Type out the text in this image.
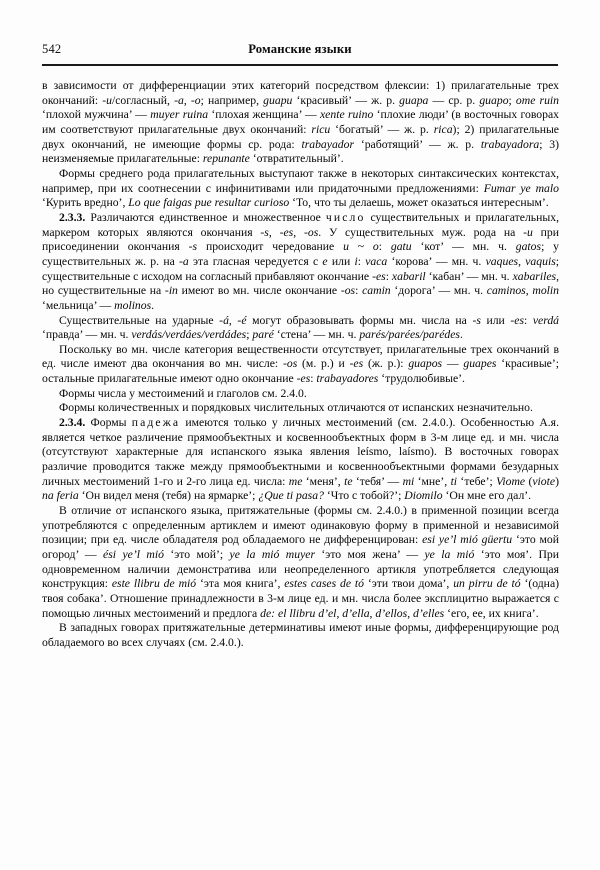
542	Романские языки

в зависимости от дифференциации этих категорий посредством флексии: 1) прилагательные трех окончаний: -u/согласный, -a, -o; например, guapu ‘красивый’ — ж. р. guapa — ср. р. guapo; ome ruin ‘плохой мужчина’ — muyer ruina ‘плохая женщина’ — xente ruino ‘плохие люди’ (в восточных говорах им соответствуют прилагательные двух окончаний: ricu ‘богатый’ — ж. р. rica); 2) прилагательные двух окончаний, не имеющие формы ср. рода: trabayador ‘работящий’ — ж. р. trabayadora; 3) неизменяемые прилагательные: repunante ‘отвратительный’.

Формы среднего рода прилагательных выступают также в некоторых синтаксических контекстах, например, при их соотнесении с инфинитивами или придаточными предложениями: Fumar ye malo ‘Курить вредно’, Lo que faigas pue resultar curioso ‘То, что ты делаешь, может оказаться интересным’.

2.3.3. Различаются единственное и множественное число существительных и прилагательных, маркером которых являются окончания -s, -es, -os. У существительных муж. рода на -u при присоединении окончания -s происходит чередование u ~ o: gatu ‘кот’ — мн. ч. gatos; у существительных ж. р. на -a эта гласная чередуется с e или i: vaca ‘корова’ — мн. ч. vaques, vaquis; существительные с исходом на согласный прибавляют окончание -es: xabaril ‘кабан’ — мн. ч. xabariles, но существительные на -in имеют во мн. числе окончание -os: camin ‘дорога’ — мн. ч. caminos, molin ‘мельница’ — molinos.

Существительные на ударные -á, -é могут образовывать формы мн. числа на -s или -es: verdá ‘правда’ — мн. ч. verdás/verdáes/verdádes; paré ‘стена’ — мн. ч. parés/parées/parédes.

Поскольку во мн. числе категория вещественности отсутствует, прилагательные трех окончаний в ед. числе имеют два окончания во мн. числе: -os (м. р.) и -es (ж. р.): guapos — guapes ‘красивые’; остальные прилагательные имеют одно окончание -es: trabayadores ‘трудолюбивые’.

Формы числа у местоимений и глаголов см. 2.4.0.

Формы количественных и порядковых числительных отличаются от испанских незначительно.

2.3.4. Формы падежа имеются только у личных местоимений (см. 2.4.0.). Особенностью А.я. является четкое различение прямообъектных и косвеннообъектных форм в 3-м лице ед. и мн. числа (отсутствуют характерные для испанского языка явления leísmo, laísmo). В восточных говорах различие проводится также между прямообъектными и косвеннообъектными формами безударных личных местоимений 1-го и 2-го лица ед. числа: me ‘меня’, te ‘тебя’ — mi ‘мне’, ti ‘тебе’; Viome (viote) na feria ‘Он видел меня (тебя) на ярмарке’; ¿Que ti pasa? ‘Что с тобой?’; Diomilo ‘Он мне его дал’.

В отличие от испанского языка, притяжательные (формы см. 2.4.0.) в применной позиции всегда употребляются с определенным артиклем и имеют одинаковую форму в применной и независимой позиции; при ед. числе обладателя род обладаемого не дифференцирован: esi ye’l mió güertu ‘это мой огород’ — ési ye’l mió ‘это мой’; ye la mió muyer ‘это моя жена’ — ye la mió ‘это моя’. При одновременном наличии демонстратива или неопределенного артикля употребляется следующая конструкция: este llibru de mió ‘эта моя книга’, estes cases de tó ‘эти твои дома’, un pirru de tó ‘(одна) твоя собака’. Отношение принадлежности в 3-м лице ед. и мн. числа более эксплицитно выражается с помощью личных местоимений и предлога de: el llibru d’el, d’ella, d’ellos, d’elles ‘его, ее, их книга’.

В западных говорах притяжательные детерминативы имеют иные формы, дифференцирующие род обладаемого во всех случаях (см. 2.4.0.).
